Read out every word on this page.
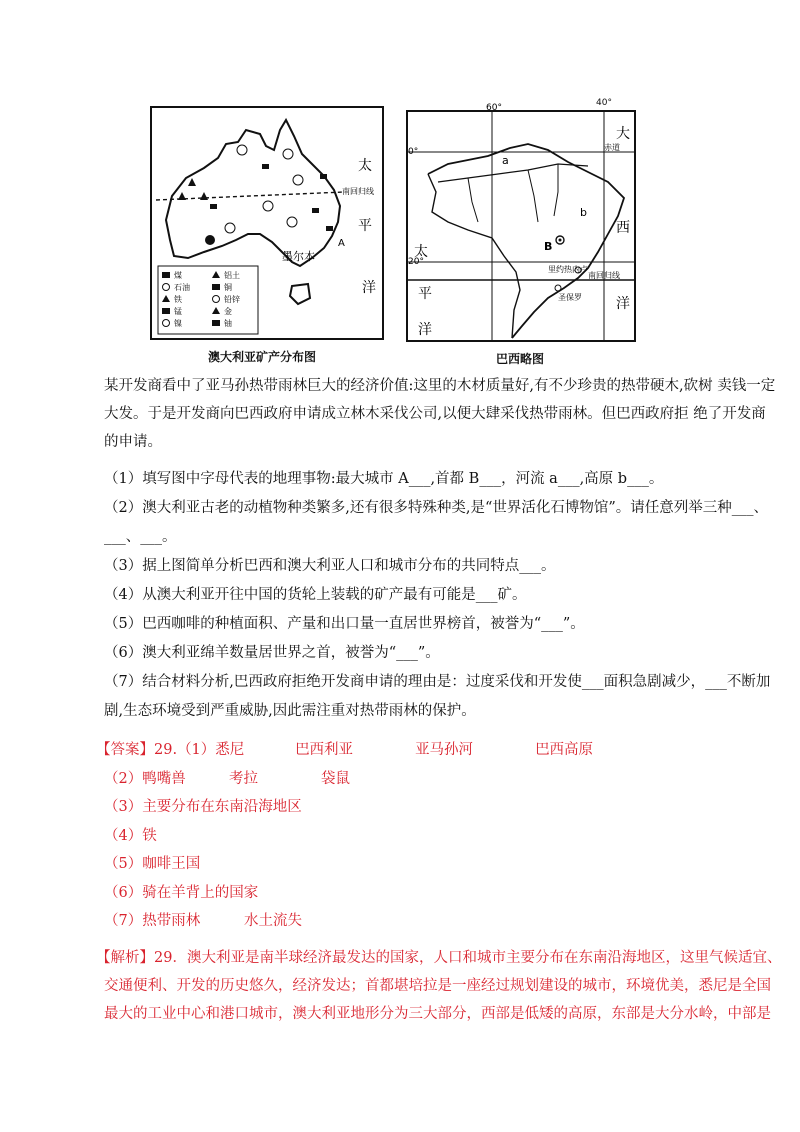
南回归线
太
平
洋
墨尔本
A
煤	铝土
石油	铜
铁	铅锌
锰	金
镍	铀
澳大利亚矿产分布图
60°
0°
20°
赤道
南回归线
大
西
洋
太
平
洋
a
b
B
里约热内卢
圣保罗
40°
巴西略图
某开发商看中了亚马孙热带雨林巨大的经济价值:这里的木材质量好,有不少珍贵的热带硬木,砍树 卖钱一定
大发。于是开发商向巴西政府申请成立林木采伐公司,以便大肆采伐热带雨林。但巴西政府拒 绝了开发商
的申请。
（1）填写图中字母代表的地理事物:最大城市 A___,首都 B___，河流 a___,高原 b___。
（2）澳大利亚古老的动植物种类繁多,还有很多特殊种类,是“世界活化石博物馆”。请任意列举三种___、
___、___。
（3）据上图简单分析巴西和澳大利亚人口和城市分布的共同特点___。
（4）从澳大利亚开往中国的货轮上装载的矿产最有可能是___矿。
（5）巴西咖啡的种植面积、产量和出口量一直居世界榜首，被誉为“___”。
（6）澳大利亚绵羊数量居世界之首，被誉为“___”。
（7）结合材料分析,巴西政府拒绝开发商申请的理由是：过度采伐和开发使___面积急剧减少，___不断加
剧,生态环境受到严重威胁,因此需注重对热带雨林的保护。
【答案】29.（1）悉尼	巴西利亚	亚马孙河	巴西高原
（2）鸭嘴兽	考拉	袋鼠
（3）主要分布在东南沿海地区
（4）铁
（5）咖啡王国
（6）骑在羊背上的国家
（7）热带雨林	水土流失
【解析】29．澳大利亚是南半球经济最发达的国家，人口和城市主要分布在东南沿海地区，这里气候适宜、
交通便利、开发的历史悠久，经济发达；首都堪培拉是一座经过规划建设的城市，环境优美，悉尼是全国
最大的工业中心和港口城市，澳大利亚地形分为三大部分，西部是低矮的高原，东部是大分水岭，中部是
